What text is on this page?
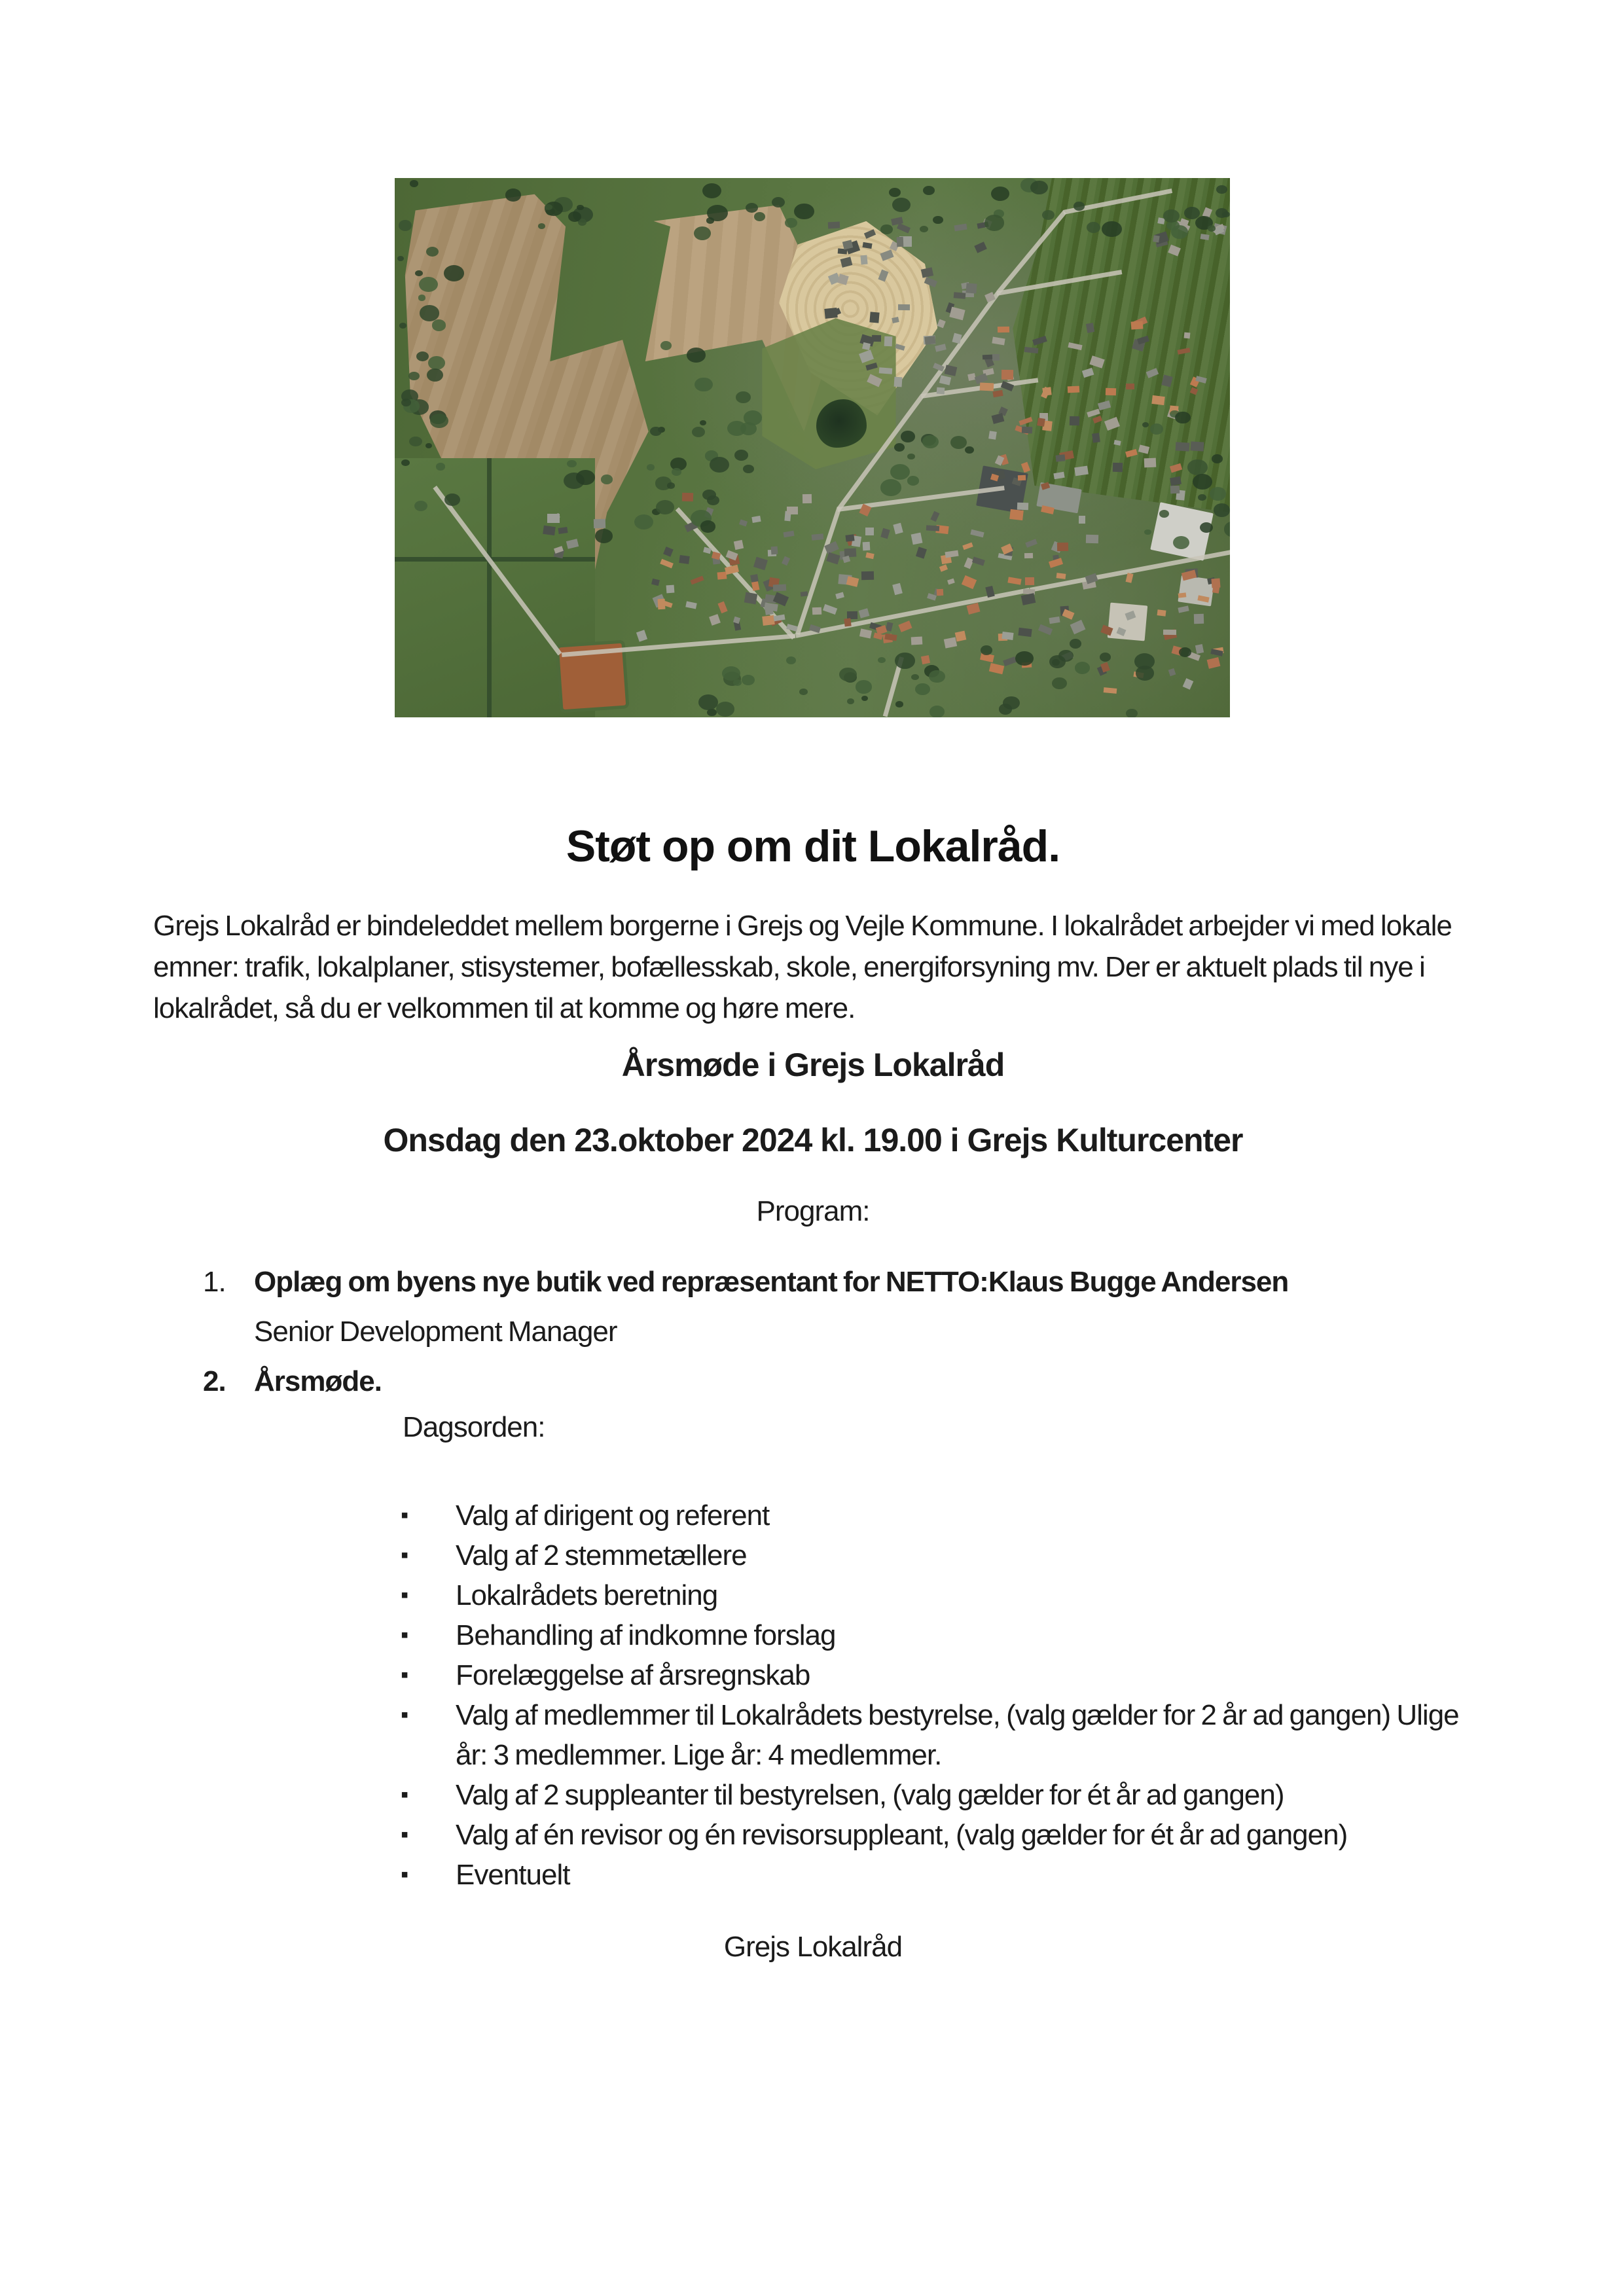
Støt op om dit Lokalråd.
Grejs Lokalråd er bindeleddet mellem borgerne i Grejs og Vejle Kommune. I lokalrådet arbejder vi med lokale emner: trafik, lokalplaner, stisystemer, bofællesskab, skole, energiforsyning mv. Der er aktuelt plads til nye i lokalrådet, så du er velkommen til at komme og høre mere.
Årsmøde i Grejs Lokalråd
Onsdag den 23.oktober 2024 kl. 19.00 i Grejs Kulturcenter
Program:
1. Oplæg om byens nye butik ved repræsentant for NETTO:Klaus Bugge Andersen
Senior Development Manager
2. Årsmøde.
Dagsorden:
▪ Valg af dirigent og referent
▪ Valg af 2 stemmetællere
▪ Lokalrådets beretning
▪ Behandling af indkomne forslag
▪ Forelæggelse af årsregnskab
▪ Valg af medlemmer til Lokalrådets bestyrelse, (valg gælder for 2 år ad gangen) Ulige år: 3 medlemmer. Lige år: 4 medlemmer.
▪ Valg af 2 suppleanter til bestyrelsen, (valg gælder for ét år ad gangen)
▪ Valg af én revisor og én revisorsuppleant, (valg gælder for ét år ad gangen)
▪ Eventuelt
Grejs Lokalråd
